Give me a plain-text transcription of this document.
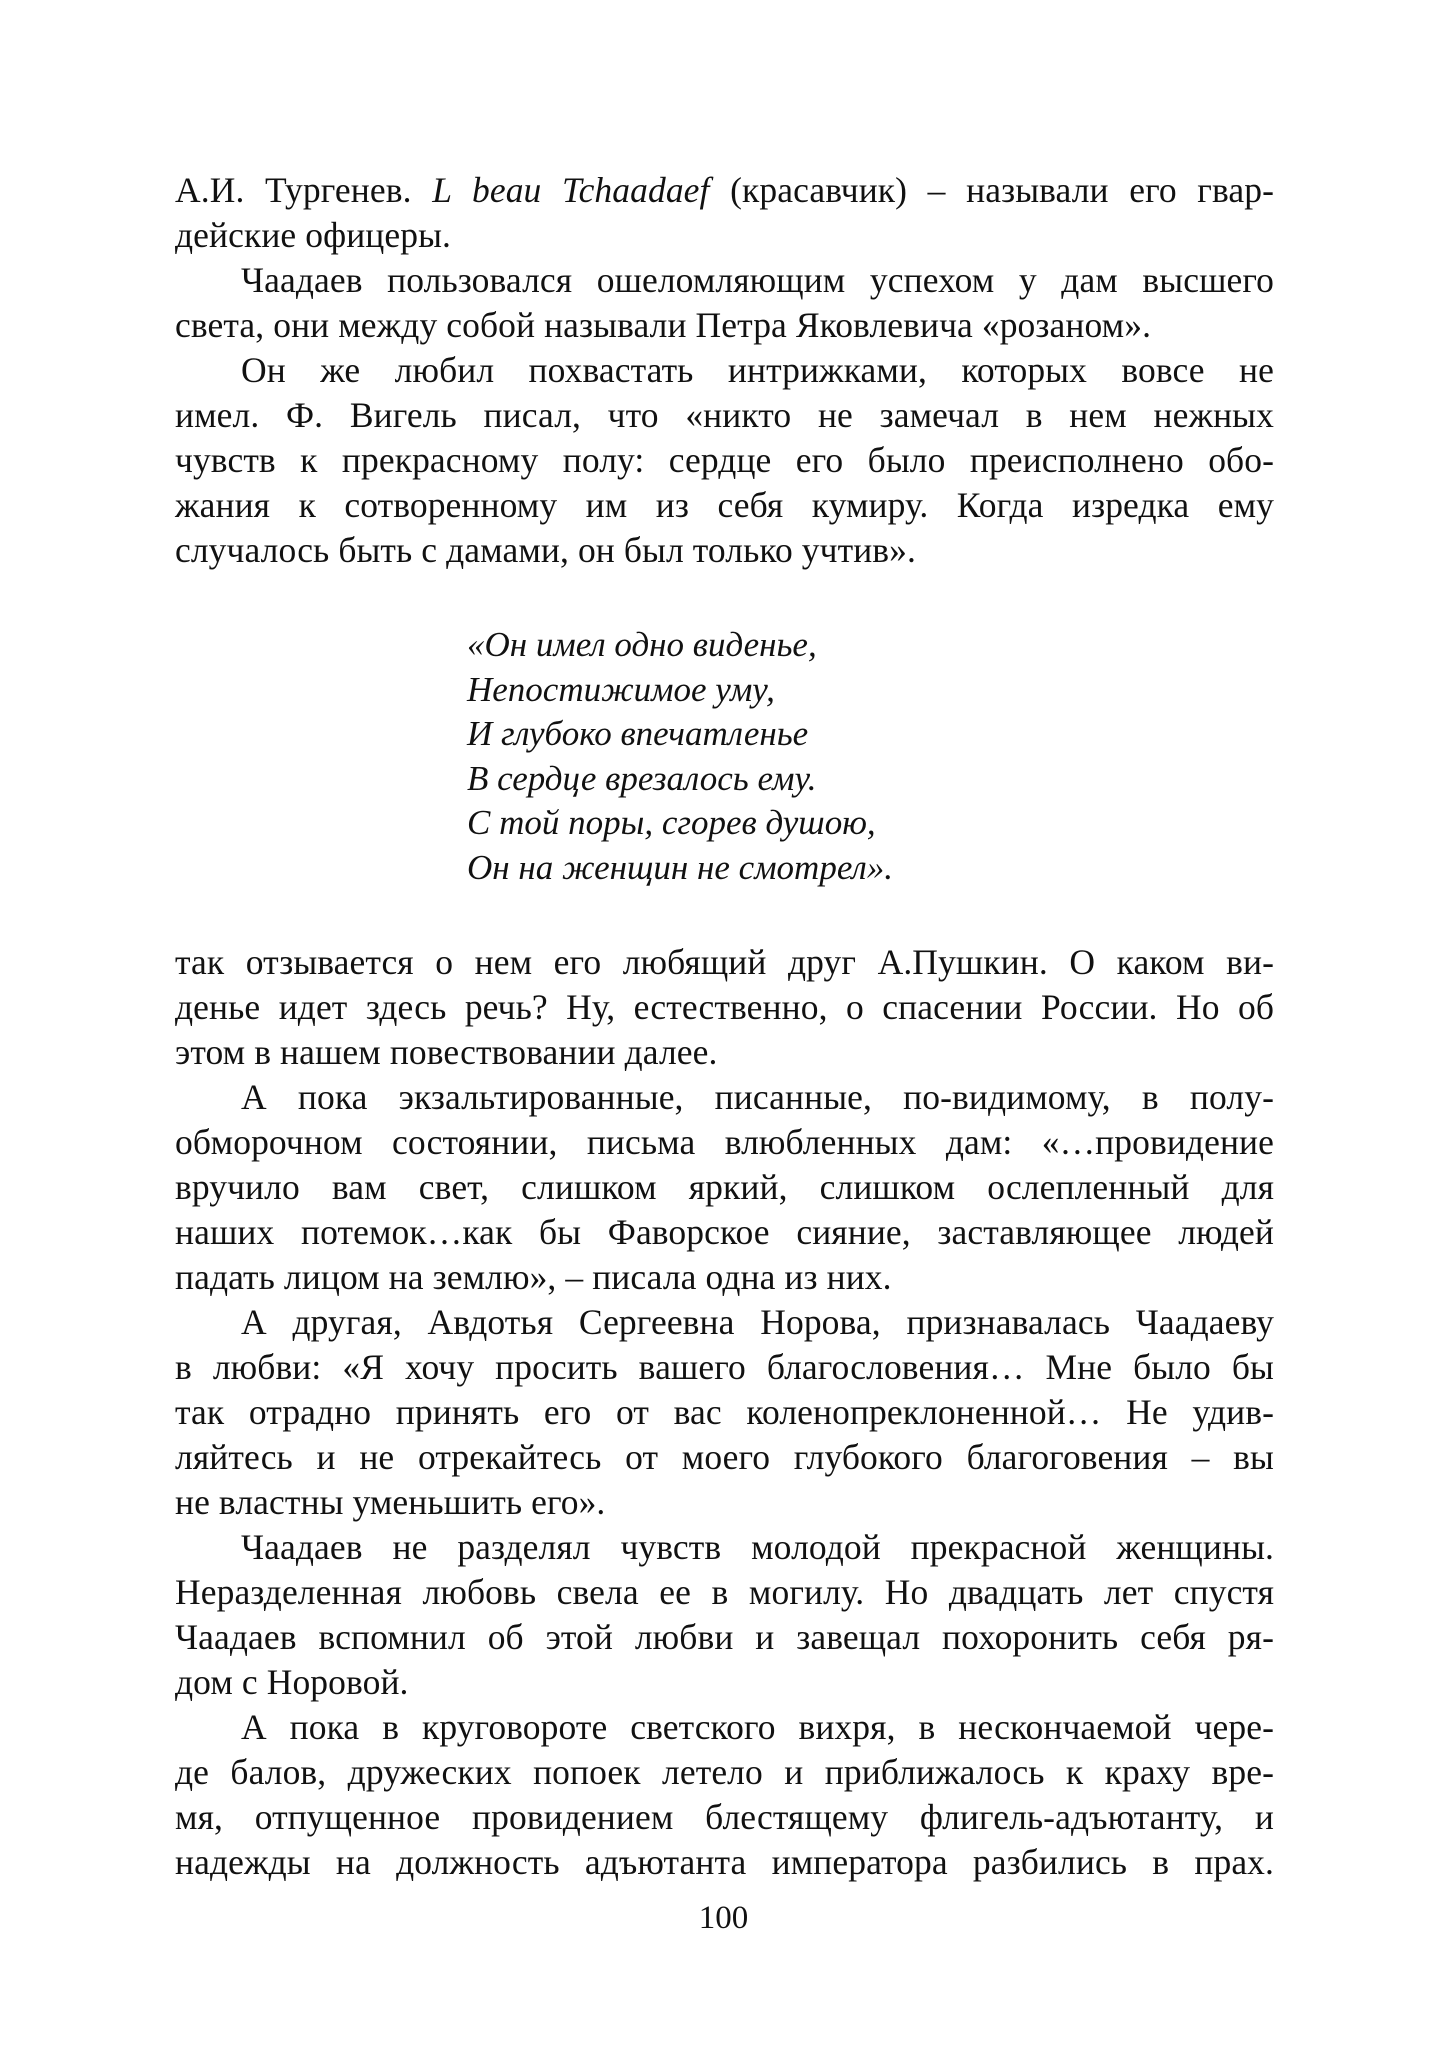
А.И. Тургенев. L beau Tchaadaef (красавчик) – называли его гвар-
дейские офицеры.
Чаадаев пользовался ошеломляющим успехом у дам высшего
света, они между собой называли Петра Яковлевича «розаном».
Он же любил похвастать интрижками, которых вовсе не
имел. Ф. Вигель писал, что «никто не замечал в нем нежных
чувств к прекрасному полу: сердце его было преисполнено обо-
жания к сотворенному им из себя кумиру. Когда изредка ему
случалось быть с дамами, он был только учтив».
«Он имел одно виденье,
Непостижимое уму,
И глубоко впечатленье
В сердце врезалось ему.
С той поры, сгорев душою,
Он на женщин не смотрел».
так отзывается о нем его любящий друг А.Пушкин. О каком ви-
денье идет здесь речь? Ну, естественно, о спасении России. Но об
этом в нашем повествовании далее.
А пока экзальтированные, писанные, по-видимому, в полу-
обморочном состоянии, письма влюбленных дам: «…провидение
вручило вам свет, слишком яркий, слишком ослепленный для
наших потемок…как бы Фаворское сияние, заставляющее людей
падать лицом на землю», – писала одна из них.
А другая, Авдотья Сергеевна Норова, признавалась Чаадаеву
в любви: «Я хочу просить вашего благословения… Мне было бы
так отрадно принять его от вас коленопреклоненной… Не удив-
ляйтесь и не отрекайтесь от моего глубокого благоговения – вы
не властны уменьшить его».
Чаадаев не разделял чувств молодой прекрасной женщины.
Неразделенная любовь свела ее в могилу. Но двадцать лет спустя
Чаадаев вспомнил об этой любви и завещал похоронить себя ря-
дом с Норовой.
А пока в круговороте светского вихря, в нескончаемой чере-
де балов, дружеских попоек летело и приближалось к краху вре-
мя, отпущенное провидением блестящему флигель-адъютанту, и
надежды на должность адъютанта императора разбились в прах.
100
